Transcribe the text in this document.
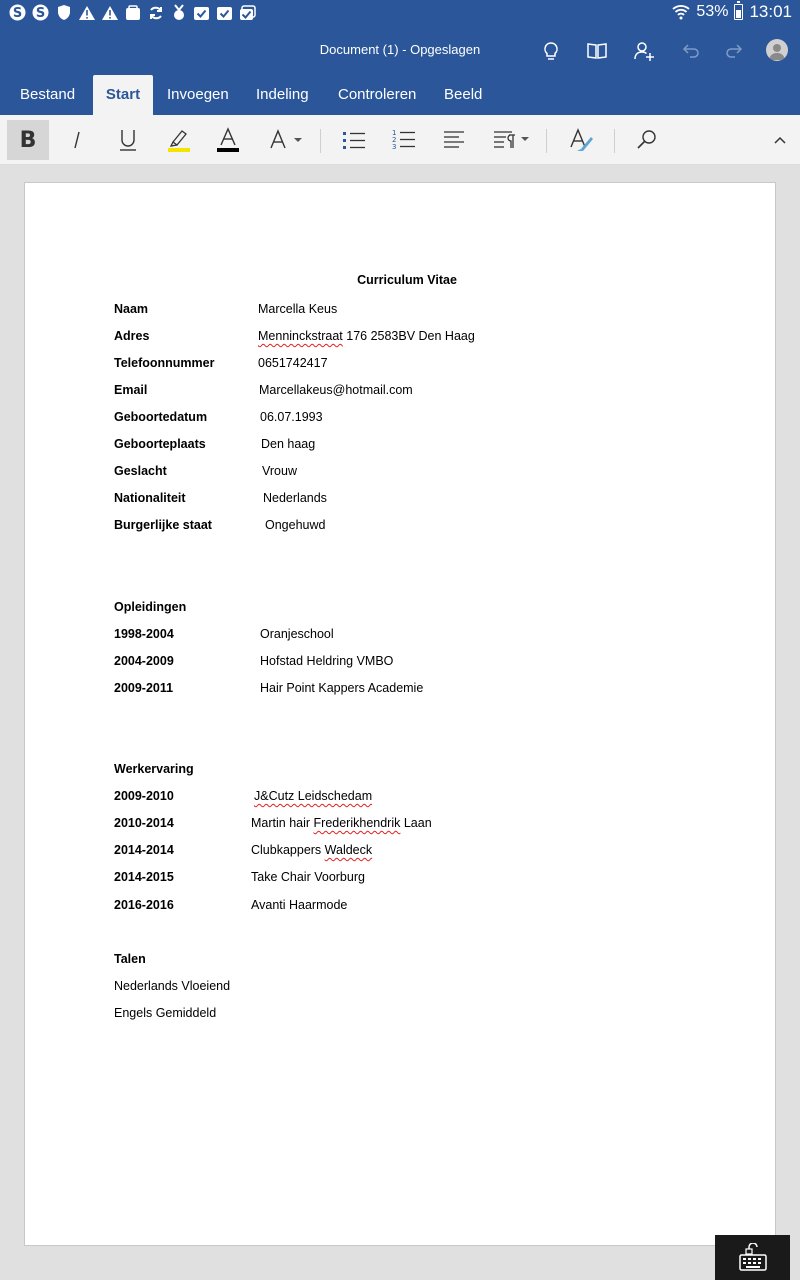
S S	53% 13:01
Document (1) - Opgeslagen
Bestand	Start	Invoegen	Indeling	Controleren	Beeld
B	1
2
3
Curriculum Vitae
Naam	Marcella Keus
Adres	Menninckstraat 176 2583BV Den Haag
Telefoonnummer	0651742417
Email	Marcellakeus@hotmail.com
Geboortedatum	06.07.1993
Geboorteplaats	Den haag
Geslacht	Vrouw
Nationaliteit	Nederlands
Burgerlijke staat	Ongehuwd
Opleidingen
1998-2004	Oranjeschool
2004-2009	Hofstad Heldring VMBO
2009-2011	Hair Point Kappers Academie
Werkervaring
2009-2010	J&Cutz Leidschedam
2010-2014	Martin hair Frederikhendrik Laan
2014-2014	Clubkappers Waldeck
2014-2015	Take Chair Voorburg
2016-2016	Avanti Haarmode
Talen
Nederlands Vloeiend
Engels Gemiddeld
